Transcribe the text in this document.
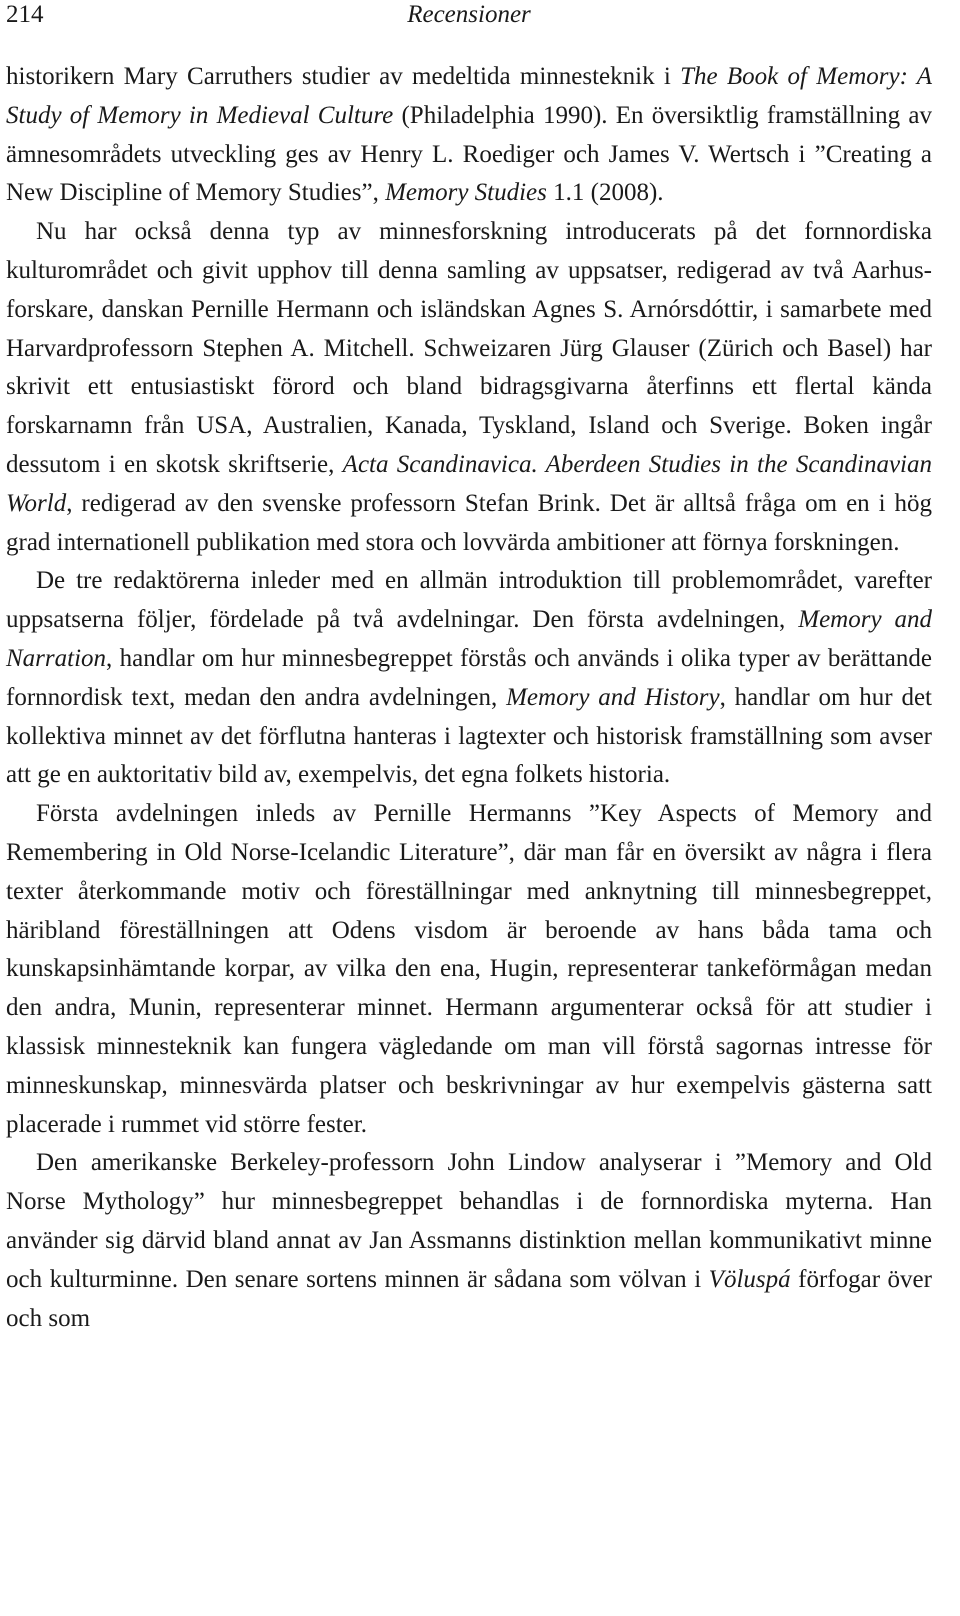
214	Recensioner

historikern Mary Carruthers studier av medeltida minnesteknik i The Book of Memory: A Study of Memory in Medieval Culture (Philadelphia 1990). En översiktlig framställning av ämnesområdets utveckling ges av Henry L. Roediger och James V. Wertsch i ”Creating a New Discipline of Memory Studies”, Memory Studies 1.1 (2008).

Nu har också denna typ av minnesforskning introducerats på det fornnordiska kulturområdet och givit upphov till denna samling av uppsatser, redigerad av två Aarhus-forskare, danskan Pernille Hermann och isländskan Agnes S. Arnórsdóttir, i samarbete med Harvardprofessorn Stephen A. Mitchell. Schweizaren Jürg Glauser (Zürich och Basel) har skrivit ett entusiastiskt förord och bland bidragsgivarna återfinns ett flertal kända forskarnamn från USA, Australien, Kanada, Tyskland, Island och Sverige. Boken ingår dessutom i en skotsk skriftserie, Acta Scandinavica. Aberdeen Studies in the Scandinavian World, redigerad av den svenske professorn Stefan Brink. Det är alltså fråga om en i hög grad internationell publikation med stora och lovvärda ambitioner att förnya forskningen.

De tre redaktörerna inleder med en allmän introduktion till problemområdet, varefter uppsatserna följer, fördelade på två avdelningar. Den första avdelningen, Memory and Narration, handlar om hur minnesbegreppet förstås och används i olika typer av berättande fornnordisk text, medan den andra avdelningen, Memory and History, handlar om hur det kollektiva minnet av det förflutna hanteras i lagtexter och historisk framställning som avser att ge en auktoritativ bild av, exempelvis, det egna folkets historia.

Första avdelningen inleds av Pernille Hermanns ”Key Aspects of Memory and Remembering in Old Norse-Icelandic Literature”, där man får en översikt av några i flera texter återkommande motiv och föreställningar med anknytning till minnesbegreppet, häribland föreställningen att Odens visdom är beroende av hans båda tama och kunskapsinhämtande korpar, av vilka den ena, Hugin, representerar tankeförmågan medan den andra, Munin, representerar minnet. Hermann argumenterar också för att studier i klassisk minnesteknik kan fungera vägledande om man vill förstå sagornas intresse för minneskunskap, minnesvärda platser och beskrivningar av hur exempelvis gästerna satt placerade i rummet vid större fester.

Den amerikanske Berkeley-professorn John Lindow analyserar i ”Memory and Old Norse Mythology” hur minnesbegreppet behandlas i de fornnordiska myterna. Han använder sig därvid bland annat av Jan Assmanns distinktion mellan kommunikativt minne och kulturminne. Den senare sortens minnen är sådana som völvan i Völuspá förfogar över och som
